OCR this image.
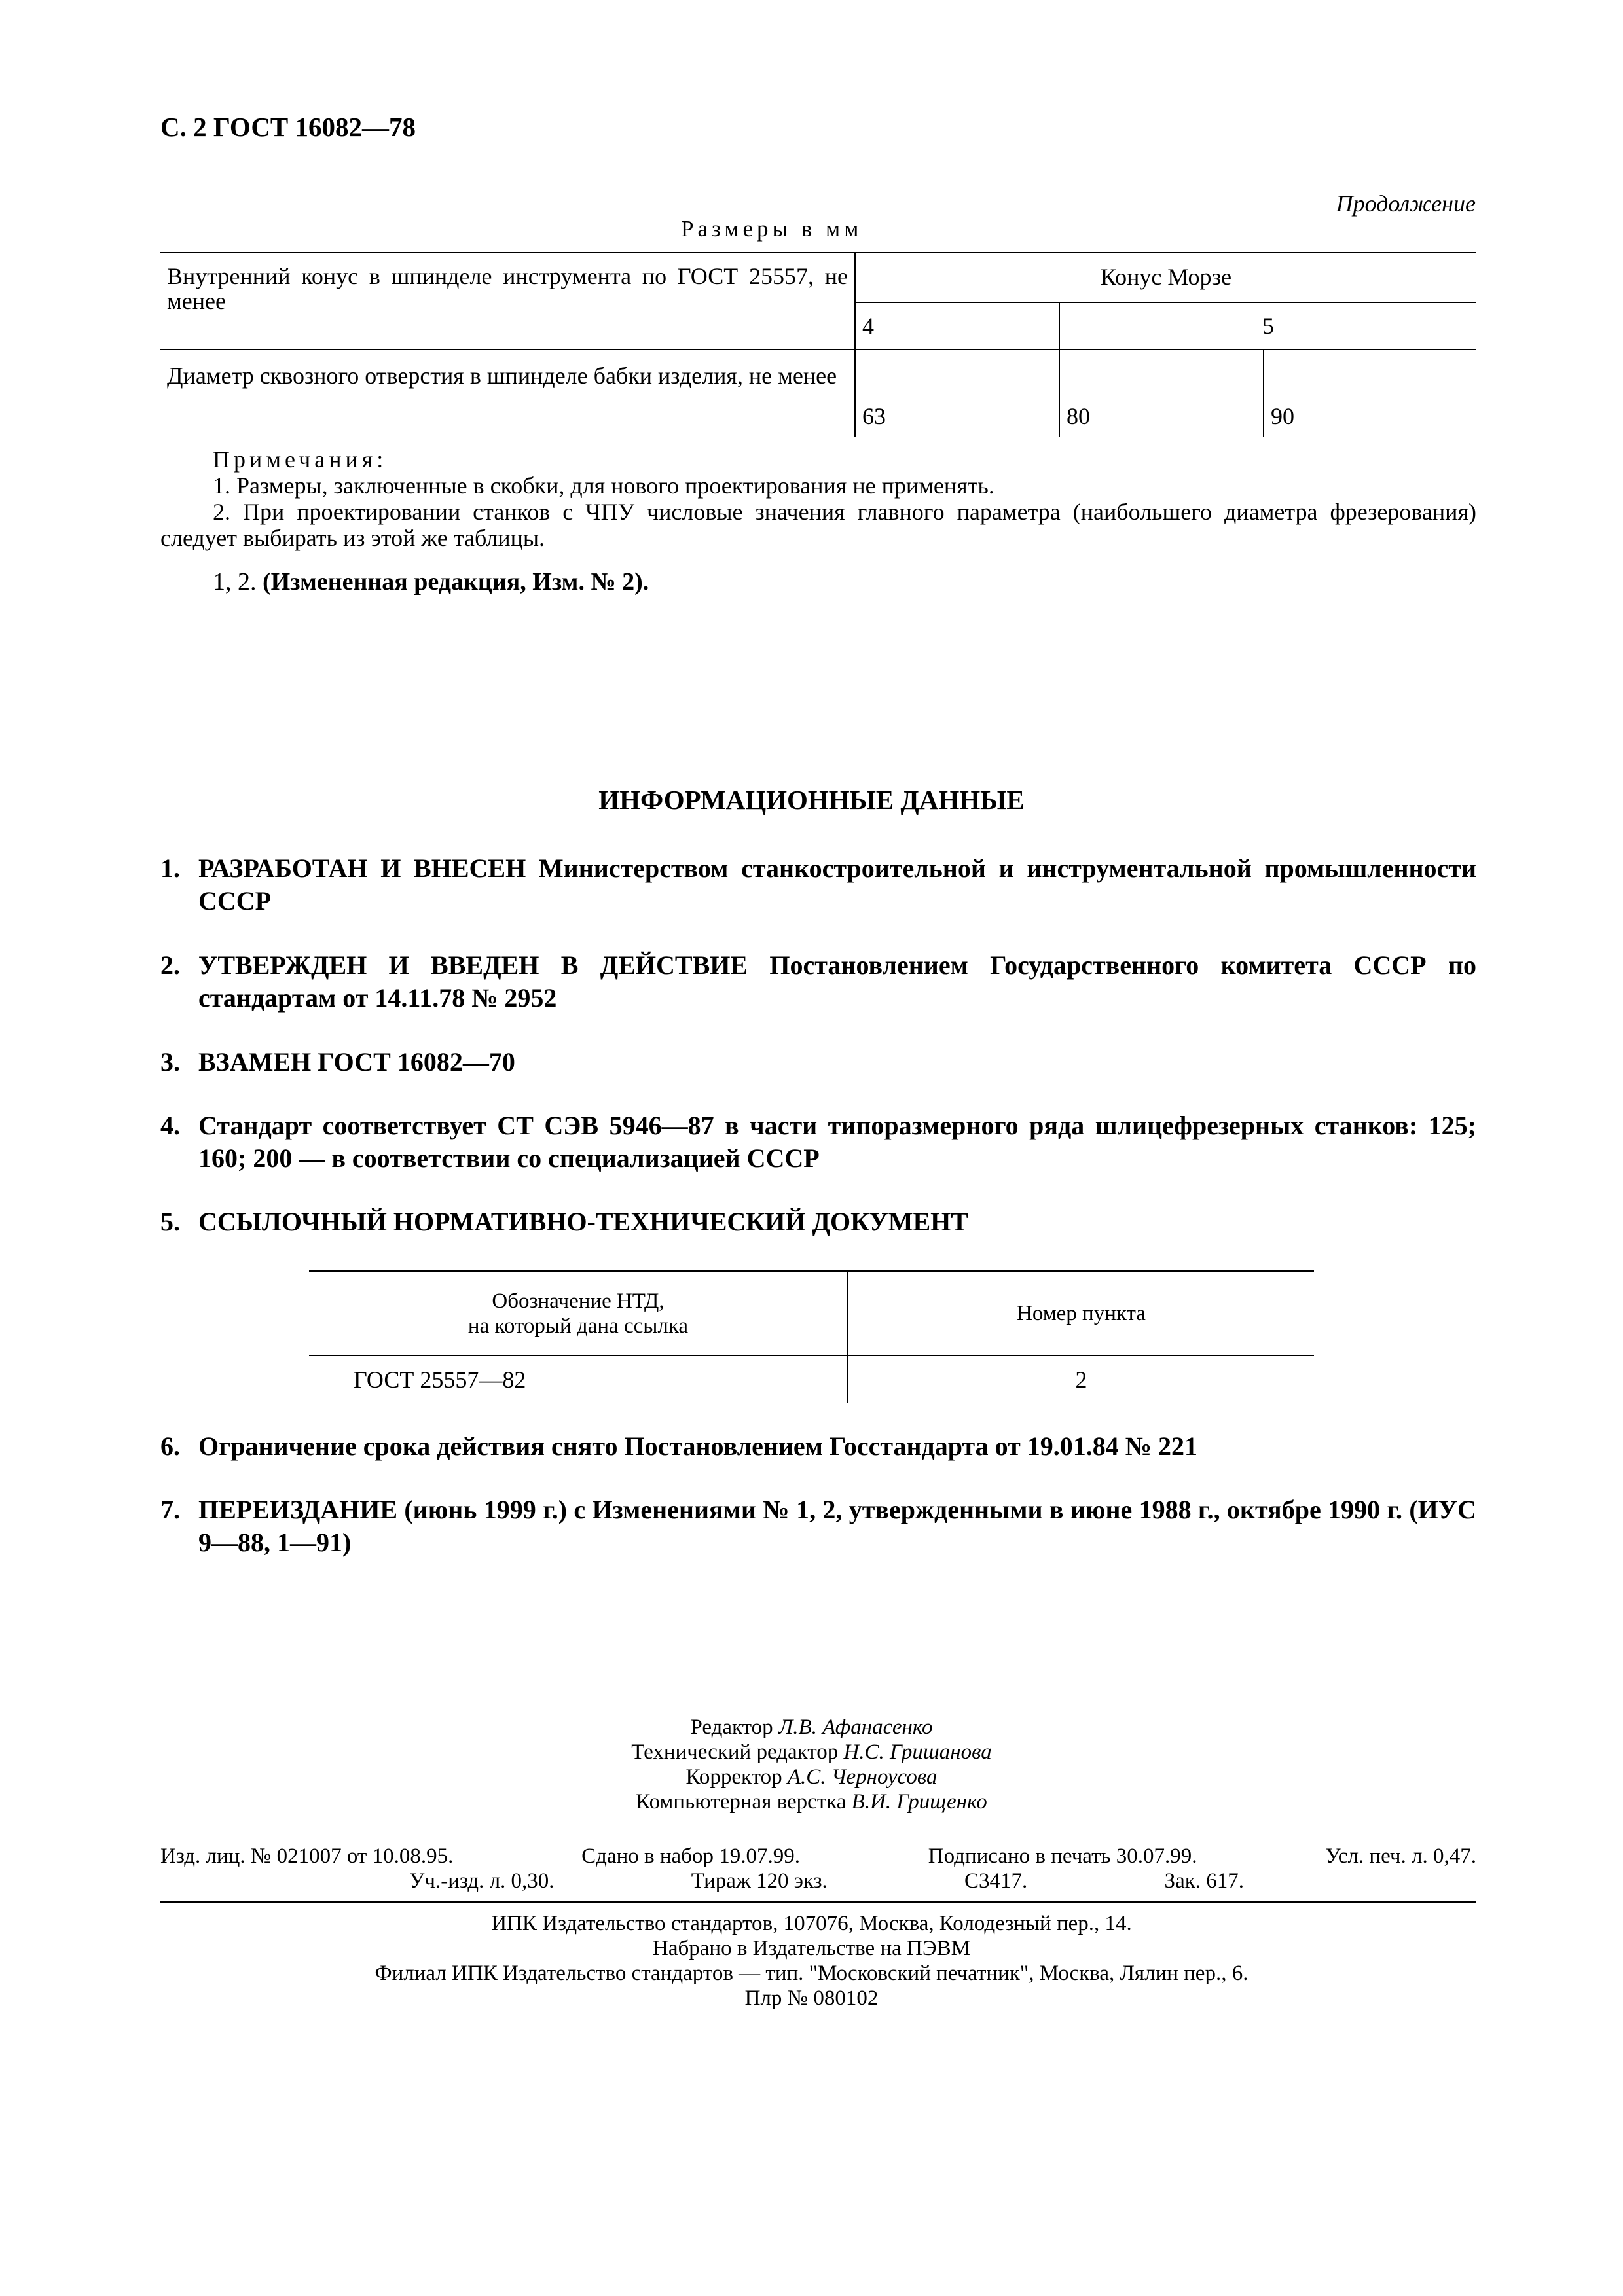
С. 2 ГОСТ 16082—78
Продолжение
Размеры в мм
Внутренний конус в шпинделе инструмента по ГОСТ 25557, не менее	Конус Морзе		
	4	5	
Диаметр сквозного отверстия в шпинделе бабки изделия, не менее	63	80	90
Примечания:
1. Размеры, заключенные в скобки, для нового проектирования не применять.
2. При проектировании станков с ЧПУ числовые значения главного параметра (наибольшего диаметра фрезерования) следует выбирать из этой же таблицы.
1, 2. (Измененная редакция, Изм. № 2).
ИНФОРМАЦИОННЫЕ ДАННЫЕ
1. РАЗРАБОТАН И ВНЕСЕН Министерством станкостроительной и инструментальной промышленности СССР
2. УТВЕРЖДЕН И ВВЕДЕН В ДЕЙСТВИЕ Постановлением Государственного комитета СССР по стандартам от 14.11.78 № 2952
3. ВЗАМЕН ГОСТ 16082—70
4. Стандарт соответствует СТ СЭВ 5946—87 в части типоразмерного ряда шлицефрезерных станков: 125; 160; 200 — в соответствии со специализацией СССР
5. ССЫЛОЧНЫЙ НОРМАТИВНО-ТЕХНИЧЕСКИЙ ДОКУМЕНТ
Обозначение НТД,
на который дана ссылка	Номер пункта
ГОСТ 25557—82	2
6. Ограничение срока действия снято Постановлением Госстандарта от 19.01.84 № 221
7. ПЕРЕИЗДАНИЕ (июнь 1999 г.) с Изменениями № 1, 2, утвержденными в июне 1988 г., октябре 1990 г. (ИУС 9—88, 1—91)
Редактор Л.В. Афанасенко
Технический редактор Н.С. Гришанова
Корректор А.С. Черноусова
Компьютерная верстка В.И. Грищенко
Изд. лиц. № 021007 от 10.08.95.	Сдано в набор 19.07.99.	Подписано в печать 30.07.99.	Усл. печ. л. 0,47.
Уч.-изд. л. 0,30.	Тираж 120 экз.	С3417.	Зак. 617.
ИПК Издательство стандартов, 107076, Москва, Колодезный пер., 14.
Набрано в Издательстве на ПЭВМ
Филиал ИПК Издательство стандартов — тип. "Московский печатник", Москва, Лялин пер., 6.
Плр № 080102
